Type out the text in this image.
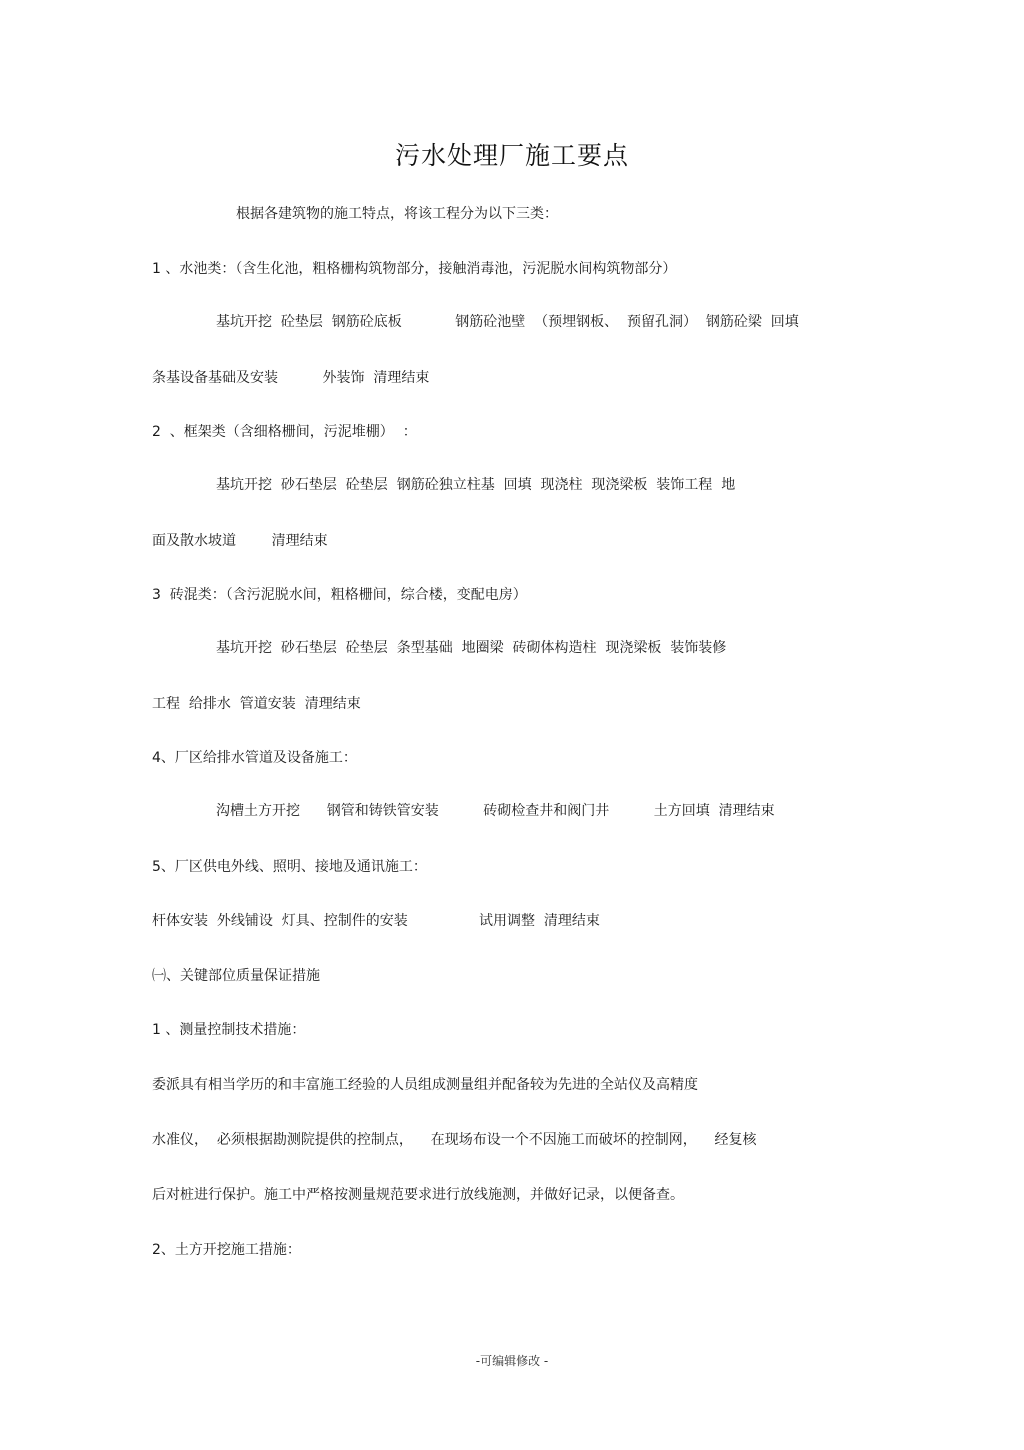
污水处理厂施工要点

根据各建筑物的施工特点，将该工程分为以下三类：

1 、水池类：（含生化池，粗格栅构筑物部分，接触消毒池，污泥脱水间构筑物部分）

基坑开挖  砼垫层  钢筋砼底板            钢筋砼池壁  （预埋钢板、  预留孔洞）  钢筋砼梁  回填

条基设备基础及安装          外装饰  清理结束

2  、框架类（含细格栅间，污泥堆棚）  ：

基坑开挖  砂石垫层  砼垫层  钢筋砼独立柱基  回填  现浇柱  现浇梁板  装饰工程  地

面及散水坡道        清理结束

3  砖混类：（含污泥脱水间，粗格栅间，综合楼，变配电房）

基坑开挖  砂石垫层  砼垫层  条型基础  地圈梁  砖砌体构造柱  现浇梁板  装饰装修

工程  给排水  管道安装  清理结束

4、厂区给排水管道及设备施工：

沟槽土方开挖      钢管和铸铁管安装          砖砌检查井和阀门井          土方回填  清理结束

5、厂区供电外线、照明、接地及通讯施工：

杆体安装  外线铺设  灯具、控制件的安装                试用调整  清理结束

㈠、关键部位质量保证措施

1 、测量控制技术措施：

委派具有相当学历的和丰富施工经验的人员组成测量组并配备较为先进的全站仪及高精度

水准仪，  必须根据勘测院提供的控制点，    在现场布设一个不因施工而破坏的控制网，    经复核

后对桩进行保护。施工中严格按测量规范要求进行放线施测，并做好记录，以便备查。

2、土方开挖施工措施：

-可编辑修改 -
